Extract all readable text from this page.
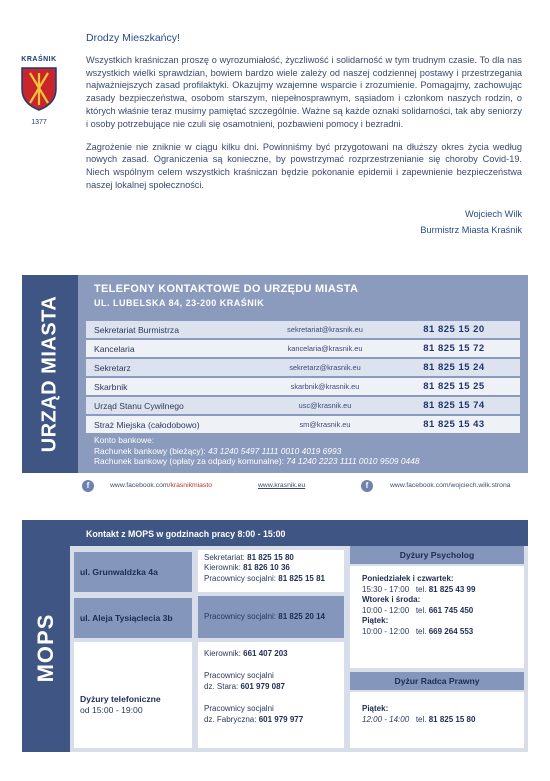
KRAŚNIK
1377
Drodzy Mieszkańcy!

Wszystkich kraśniczan proszę o wyrozumiałość, życzliwość i solidarność w tym trudnym czasie. To dla nas wszystkich wielki sprawdzian, bowiem bardzo wiele zależy od naszej codziennej postawy i przestrzegania najważniejszych zasad profilaktyki. Okazujmy wzajemne wsparcie i zrozumienie. Pomagajmy, zachowując zasady bezpieczeństwa, osobom starszym, niepełnosprawnym, sąsiadom i członkom naszych rodzin, o których właśnie teraz musimy pamiętać szczególnie. Ważne są każde oznaki solidarności, tak aby seniorzy i osoby potrzebujące nie czuli się osamotnieni, pozbawieni pomocy i bezradni.

Zagrożenie nie zniknie w ciągu kilku dni. Powinniśmy być przygotowani na dłuższy okres życia według nowych zasad. Ograniczenia są konieczne, by powstrzymać rozprzestrzenianie się choroby Covid-19. Niech wspólnym celem wszystkich kraśniczan będzie pokonanie epidemii i zapewnienie bezpieczeństwa naszej lokalnej społeczności.

Wojciech Wilk
Burmistrz Miasta Kraśnik
URZĄD MIASTA
TELEFONY KONTAKTOWE DO URZĘDU MIASTA
UL. LUBELSKA 84, 23-200 KRAŚNIK
Sekretariat Burmistrza	sekretariat@krasnik.eu	81 825 15 20
Kancelaria	kancelaria@krasnik.eu	81 825 15 72
Sekretarz	sekretarz@krasnik.eu	81 825 15 24
Skarbnik	skarbnik@krasnik.eu	81 825 15 25
Urząd Stanu Cywilnego	usc@krasnik.eu	81 825 15 74
Straż Miejska (całodobowo)	sm@krasnik.eu	81 825 15 43
Konto bankowe:
Rachunek bankowy (bieżący): 43 1240 5497 1111 0010 4019 6993
Rachunek bankowy (opłaty za odpady komunalne): 74 1240 2223 1111 0010 9509 0448
f	www.facebook.com/krasnikmiasto	www.krasnik.eu	f	www.facebook.com/wojciech.wilk.strona
MOPS
Kontakt z MOPS w godzinach pracy 8:00 - 15:00
ul. Grunwaldzka 4a
ul. Aleja Tysiąclecia 3b
Dyżury telefoniczne
od 15:00 - 19:00
Sekretariat: 81 825 15 80
Kierownik: 81 826 10 36
Pracownicy socjalni: 81 825 15 81
Pracownicy socjalni: 81 825 20 14
Kierownik: 661 407 203
Pracownicy socjalni
dz. Stara: 601 979 087
Pracownicy socjalni
dz. Fabryczna: 601 979 977
Dyżury Psycholog
Poniedziałek i czwartek:
15:30 - 17:00 tel. 81 825 43 99
Wtorek i środa:
10:00 - 12:00 tel. 661 745 450
Piątek:
10:00 - 12:00 tel. 669 264 553
Dyżur Radca Prawny
Piątek:
12:00 - 14:00 tel. 81 825 15 80
